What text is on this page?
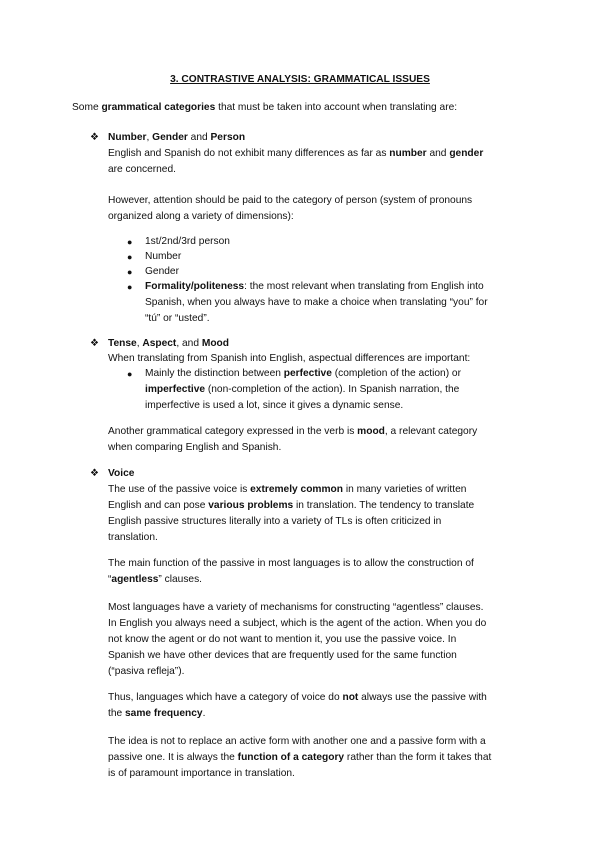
3. CONTRASTIVE ANALYSIS: GRAMMATICAL ISSUES
Some grammatical categories that must be taken into account when translating are:
❖ Number, Gender and Person
English and Spanish do not exhibit many differences as far as number and gender
are concerned.
However, attention should be paid to the category of person (system of pronouns
organized along a variety of dimensions):
● 1st/2nd/3rd person
● Number
● Gender
● Formality/politeness: the most relevant when translating from English into
Spanish, when you always have to make a choice when translating “you” for
“tú” or “usted”.
❖ Tense, Aspect, and Mood
When translating from Spanish into English, aspectual differences are important:
● Mainly the distinction between perfective (completion of the action) or
imperfective (non-completion of the action). In Spanish narration, the
imperfective is used a lot, since it gives a dynamic sense.
Another grammatical category expressed in the verb is mood, a relevant category
when comparing English and Spanish.
❖ Voice
The use of the passive voice is extremely common in many varieties of written
English and can pose various problems in translation. The tendency to translate
English passive structures literally into a variety of TLs is often criticized in
translation.
The main function of the passive in most languages is to allow the construction of
“agentless” clauses.
Most languages have a variety of mechanisms for constructing “agentless” clauses.
In English you always need a subject, which is the agent of the action. When you do
not know the agent or do not want to mention it, you use the passive voice. In
Spanish we have other devices that are frequently used for the same function
(“pasiva refleja”).
Thus, languages which have a category of voice do not always use the passive with
the same frequency.
The idea is not to replace an active form with another one and a passive form with a
passive one. It is always the function of a category rather than the form it takes that
is of paramount importance in translation.
